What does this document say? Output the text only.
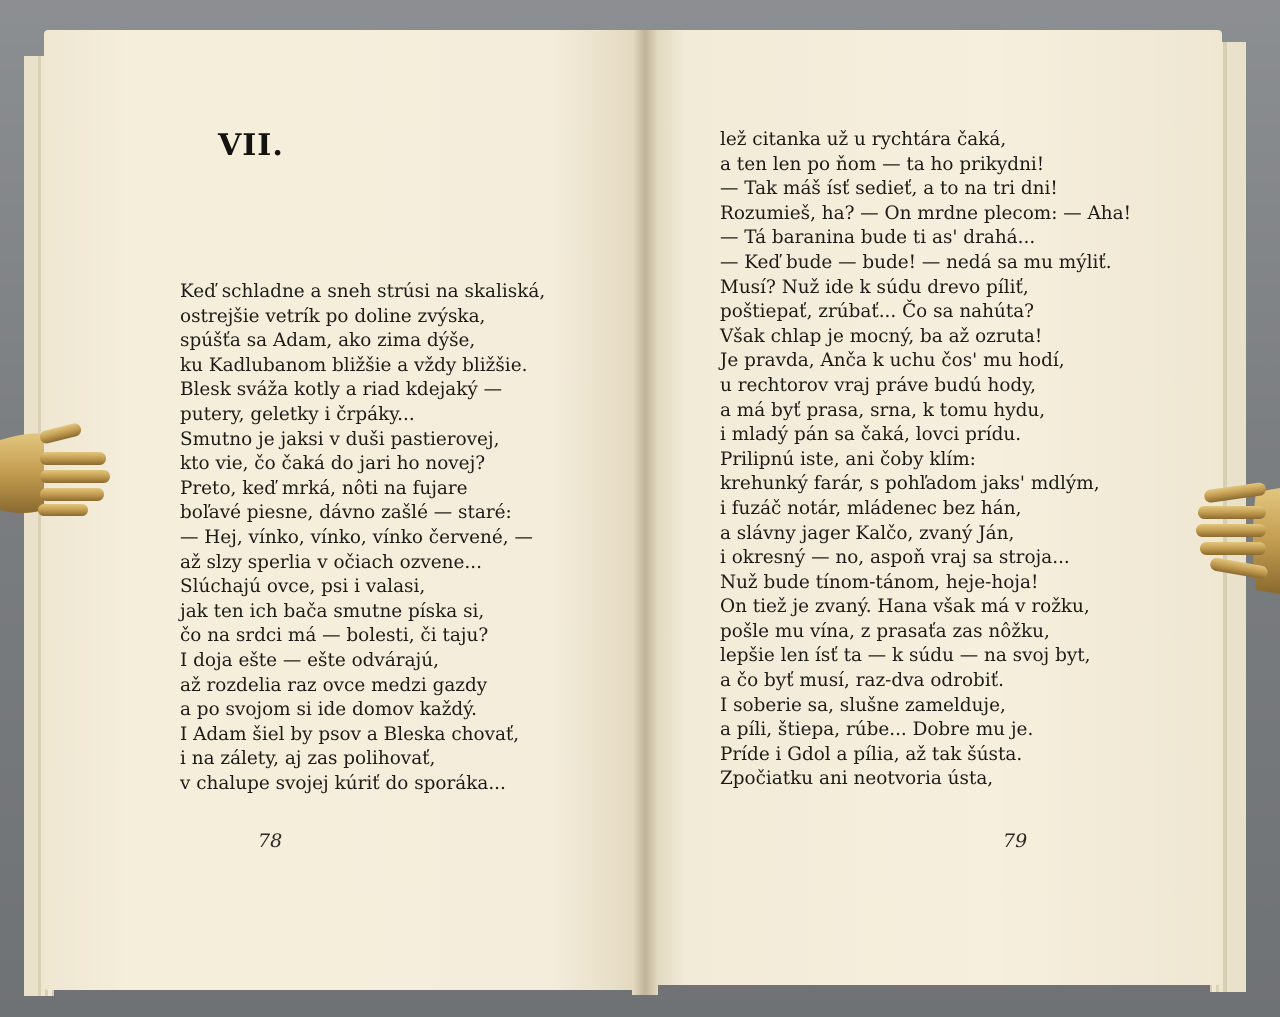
VII.
Keď schladne a sneh strúsi na skaliská,
ostrejšie vetrík po doline zvýska,
spúšťa sa Adam, ako zima dýše,
ku Kadlubanom bližšie a vždy bližšie.
Blesk sváža kotly a riad kdejaký —
putery, geletky i črpáky...
Smutno je jaksi v duši pastierovej,
kto vie, čo čaká do jari ho novej?
Preto, keď mrká, nôti na fujare
boľavé piesne, dávno zašlé — staré:
— Hej, vínko, vínko, vínko červené, —
až slzy sperlia v očiach ozvene...
Slúchajú ovce, psi i valasi,
jak ten ich bača smutne píska si,
čo na srdci má — bolesti, či taju?
I doja ešte — ešte odvárajú,
až rozdelia raz ovce medzi gazdy
a po svojom si ide domov každý.
I Adam šiel by psov a Bleska chovať,
i na zálety, aj zas polihovať,
v chalupe svojej kúriť do sporáka...
lež citanka už u rychtára čaká,
a ten len po ňom — ta ho prikydni!
— Tak máš ísť sedieť, a to na tri dni!
Rozumieš, ha? — On mrdne plecom: — Aha!
— Tá baranina bude ti as' drahá...
— Keď bude — bude! — nedá sa mu mýliť.
Musí? Nuž ide k súdu drevo píliť,
poštiepať, zrúbať... Čo sa nahúta?
Však chlap je mocný, ba až ozruta!
Je pravda, Anča k uchu čos' mu hodí,
u rechtorov vraj práve budú hody,
a má byť prasa, srna, k tomu hydu,
i mladý pán sa čaká, lovci prídu.
Prilipnú iste, ani čoby klím:
krehunký farár, s pohľadom jaks' mdlým,
i fuzáč notár, mládenec bez hán,
a slávny jager Kalčo, zvaný Ján,
i okresný — no, aspoň vraj sa stroja...
Nuž bude tínom-tánom, heje-hoja!
On tiež je zvaný. Hana však má v rožku,
pošle mu vína, z prasaťa zas nôžku,
lepšie len ísť ta — k súdu — na svoj byt,
a čo byť musí, raz-dva odrobiť.
I soberie sa, slušne zamelduje,
a píli, štiepa, rúbe... Dobre mu je.
Príde i Gdol a pília, až tak šústa.
Zpočiatku ani neotvoria ústa,
78	79
